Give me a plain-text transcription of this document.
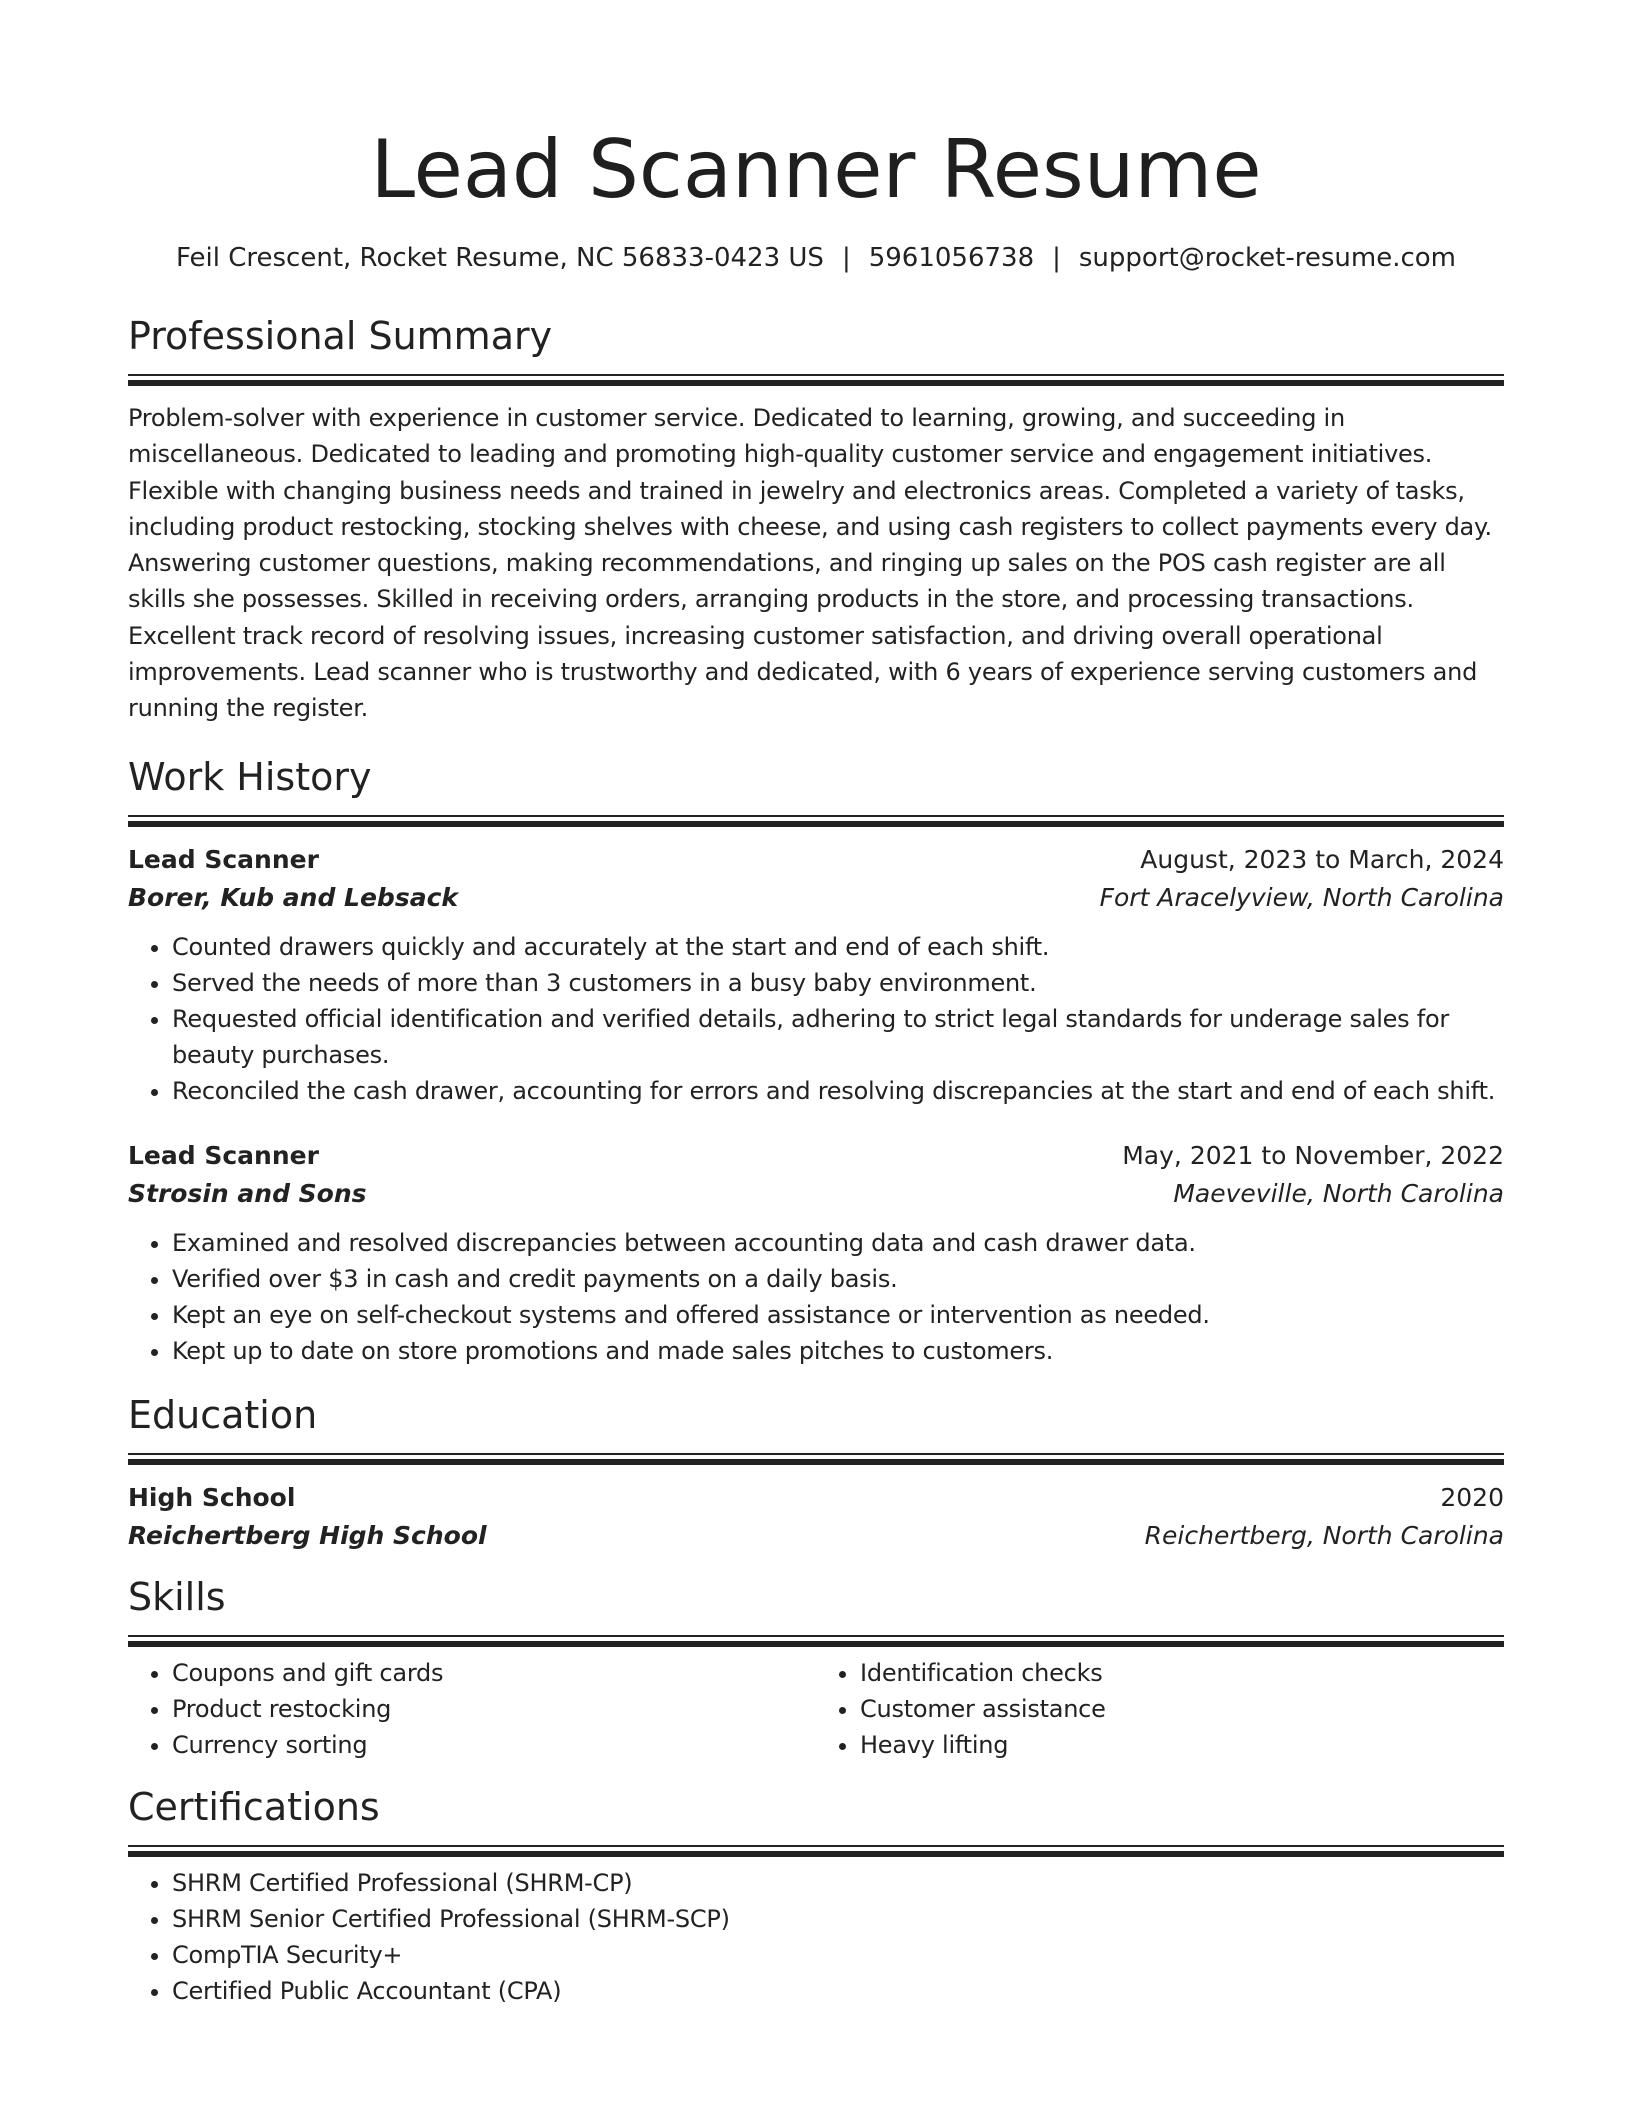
Lead Scanner Resume
Feil Crescent, Rocket Resume, NC 56833-0423 US | 5961056738 | support@rocket-resume.com
Professional Summary
Problem-solver with experience in customer service. Dedicated to learning, growing, and succeeding in miscellaneous. Dedicated to leading and promoting high-quality customer service and engagement initiatives. Flexible with changing business needs and trained in jewelry and electronics areas. Completed a variety of tasks, including product restocking, stocking shelves with cheese, and using cash registers to collect payments every day. Answering customer questions, making recommendations, and ringing up sales on the POS cash register are all skills she possesses. Skilled in receiving orders, arranging products in the store, and processing transactions. Excellent track record of resolving issues, increasing customer satisfaction, and driving overall operational improvements. Lead scanner who is trustworthy and dedicated, with 6 years of experience serving customers and running the register.
Work History
Lead Scanner	August, 2023 to March, 2024
Borer, Kub and Lebsack	Fort Aracelyview, North Carolina
• Counted drawers quickly and accurately at the start and end of each shift.
• Served the needs of more than 3 customers in a busy baby environment.
• Requested official identification and verified details, adhering to strict legal standards for underage sales for beauty purchases.
• Reconciled the cash drawer, accounting for errors and resolving discrepancies at the start and end of each shift.
Lead Scanner	May, 2021 to November, 2022
Strosin and Sons	Maeveville, North Carolina
• Examined and resolved discrepancies between accounting data and cash drawer data.
• Verified over $3 in cash and credit payments on a daily basis.
• Kept an eye on self-checkout systems and offered assistance or intervention as needed.
• Kept up to date on store promotions and made sales pitches to customers.
Education
High School	2020
Reichertberg High School	Reichertberg, North Carolina
Skills
• Coupons and gift cards
• Product restocking
• Currency sorting
• Identification checks
• Customer assistance
• Heavy lifting
Certifications
• SHRM Certified Professional (SHRM-CP)
• SHRM Senior Certified Professional (SHRM-SCP)
• CompTIA Security+
• Certified Public Accountant (CPA)
